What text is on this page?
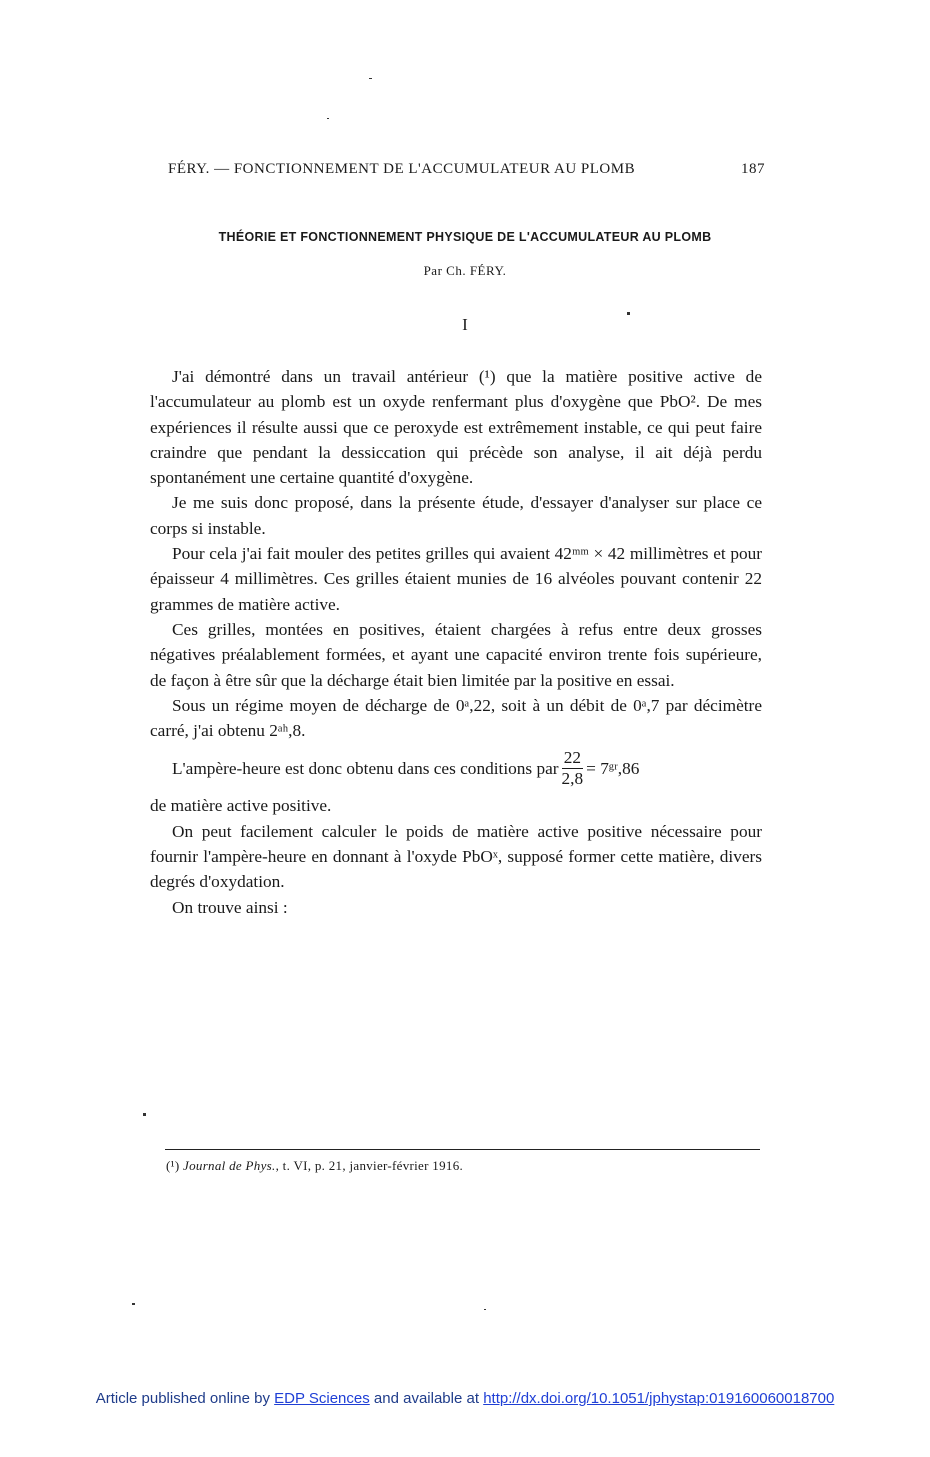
FÉRY. — FONCTIONNEMENT DE L'ACCUMULATEUR AU PLOMB	187
THÉORIE ET FONCTIONNEMENT PHYSIQUE DE L'ACCUMULATEUR AU PLOMB
Par Ch. FÉRY.
I

J'ai démontré dans un travail antérieur (¹) que la matière positive active de l'accumulateur au plomb est un oxyde renfermant plus d'oxygène que PbO². De mes expériences il résulte aussi que ce peroxyde est extrêmement instable, ce qui peut faire craindre que pendant la dessiccation qui précède son analyse, il ait déjà perdu spontanément une certaine quantité d'oxygène.

Je me suis donc proposé, dans la présente étude, d'essayer d'analyser sur place ce corps si instable.

Pour cela j'ai fait mouler des petites grilles qui avaient 42ᵐᵐ × 42 millimètres et pour épaisseur 4 millimètres. Ces grilles étaient munies de 16 alvéoles pouvant contenir 22 grammes de matière active.

Ces grilles, montées en positives, étaient chargées à refus entre deux grosses négatives préalablement formées, et ayant une capacité environ trente fois supérieure, de façon à être sûr que la décharge était bien limitée par la positive en essai.

Sous un régime moyen de décharge de 0ᵃ,22, soit à un débit de 0ᵃ,7 par décimètre carré, j'ai obtenu 2ᵃʰ,8.

L'ampère-heure est donc obtenu dans ces conditions par $\frac{22}{2,8}$ = 7ᵍʳ,86

de matière active positive.

On peut facilement calculer le poids de matière active positive nécessaire pour fournir l'ampère-heure en donnant à l'oxyde PbOˣ, supposé former cette matière, divers degrés d'oxydation.

On trouve ainsi :

(¹) Journal de Phys., t. VI, p. 21, janvier-février 1916.
Article published online by EDP Sciences and available at http://dx.doi.org/10.1051/jphystap:019160060018700
